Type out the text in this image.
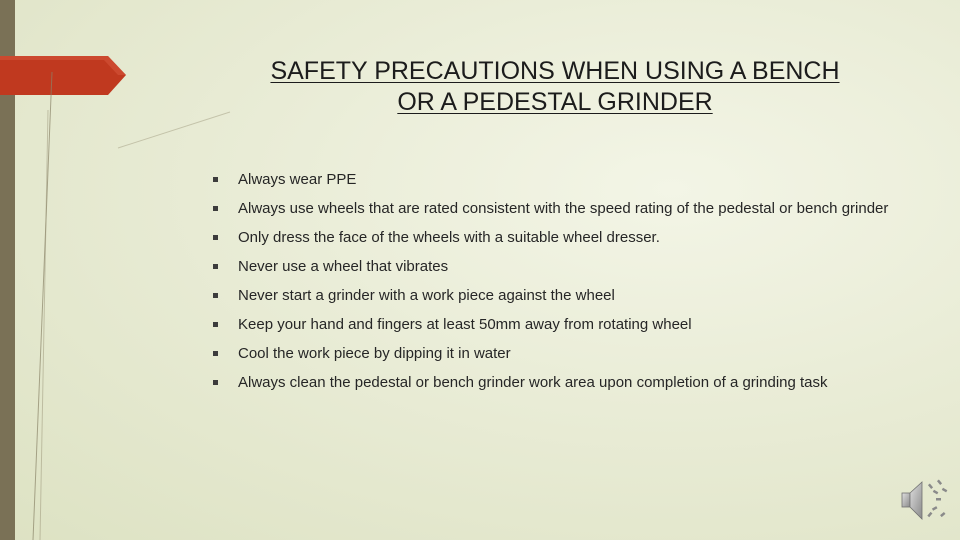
SAFETY PRECAUTIONS WHEN USING A BENCH
OR A PEDESTAL GRINDER
Always wear PPE
Always use wheels that are rated consistent with the speed rating of the pedestal or bench grinder
Only dress the face of the wheels with a suitable wheel dresser.
Never use a wheel that vibrates
Never start a grinder with a work piece against the wheel
Keep your hand and fingers at least 50mm away from rotating wheel
Cool the work piece by dipping it in water
Always clean the pedestal or bench grinder work area upon completion of a grinding task
